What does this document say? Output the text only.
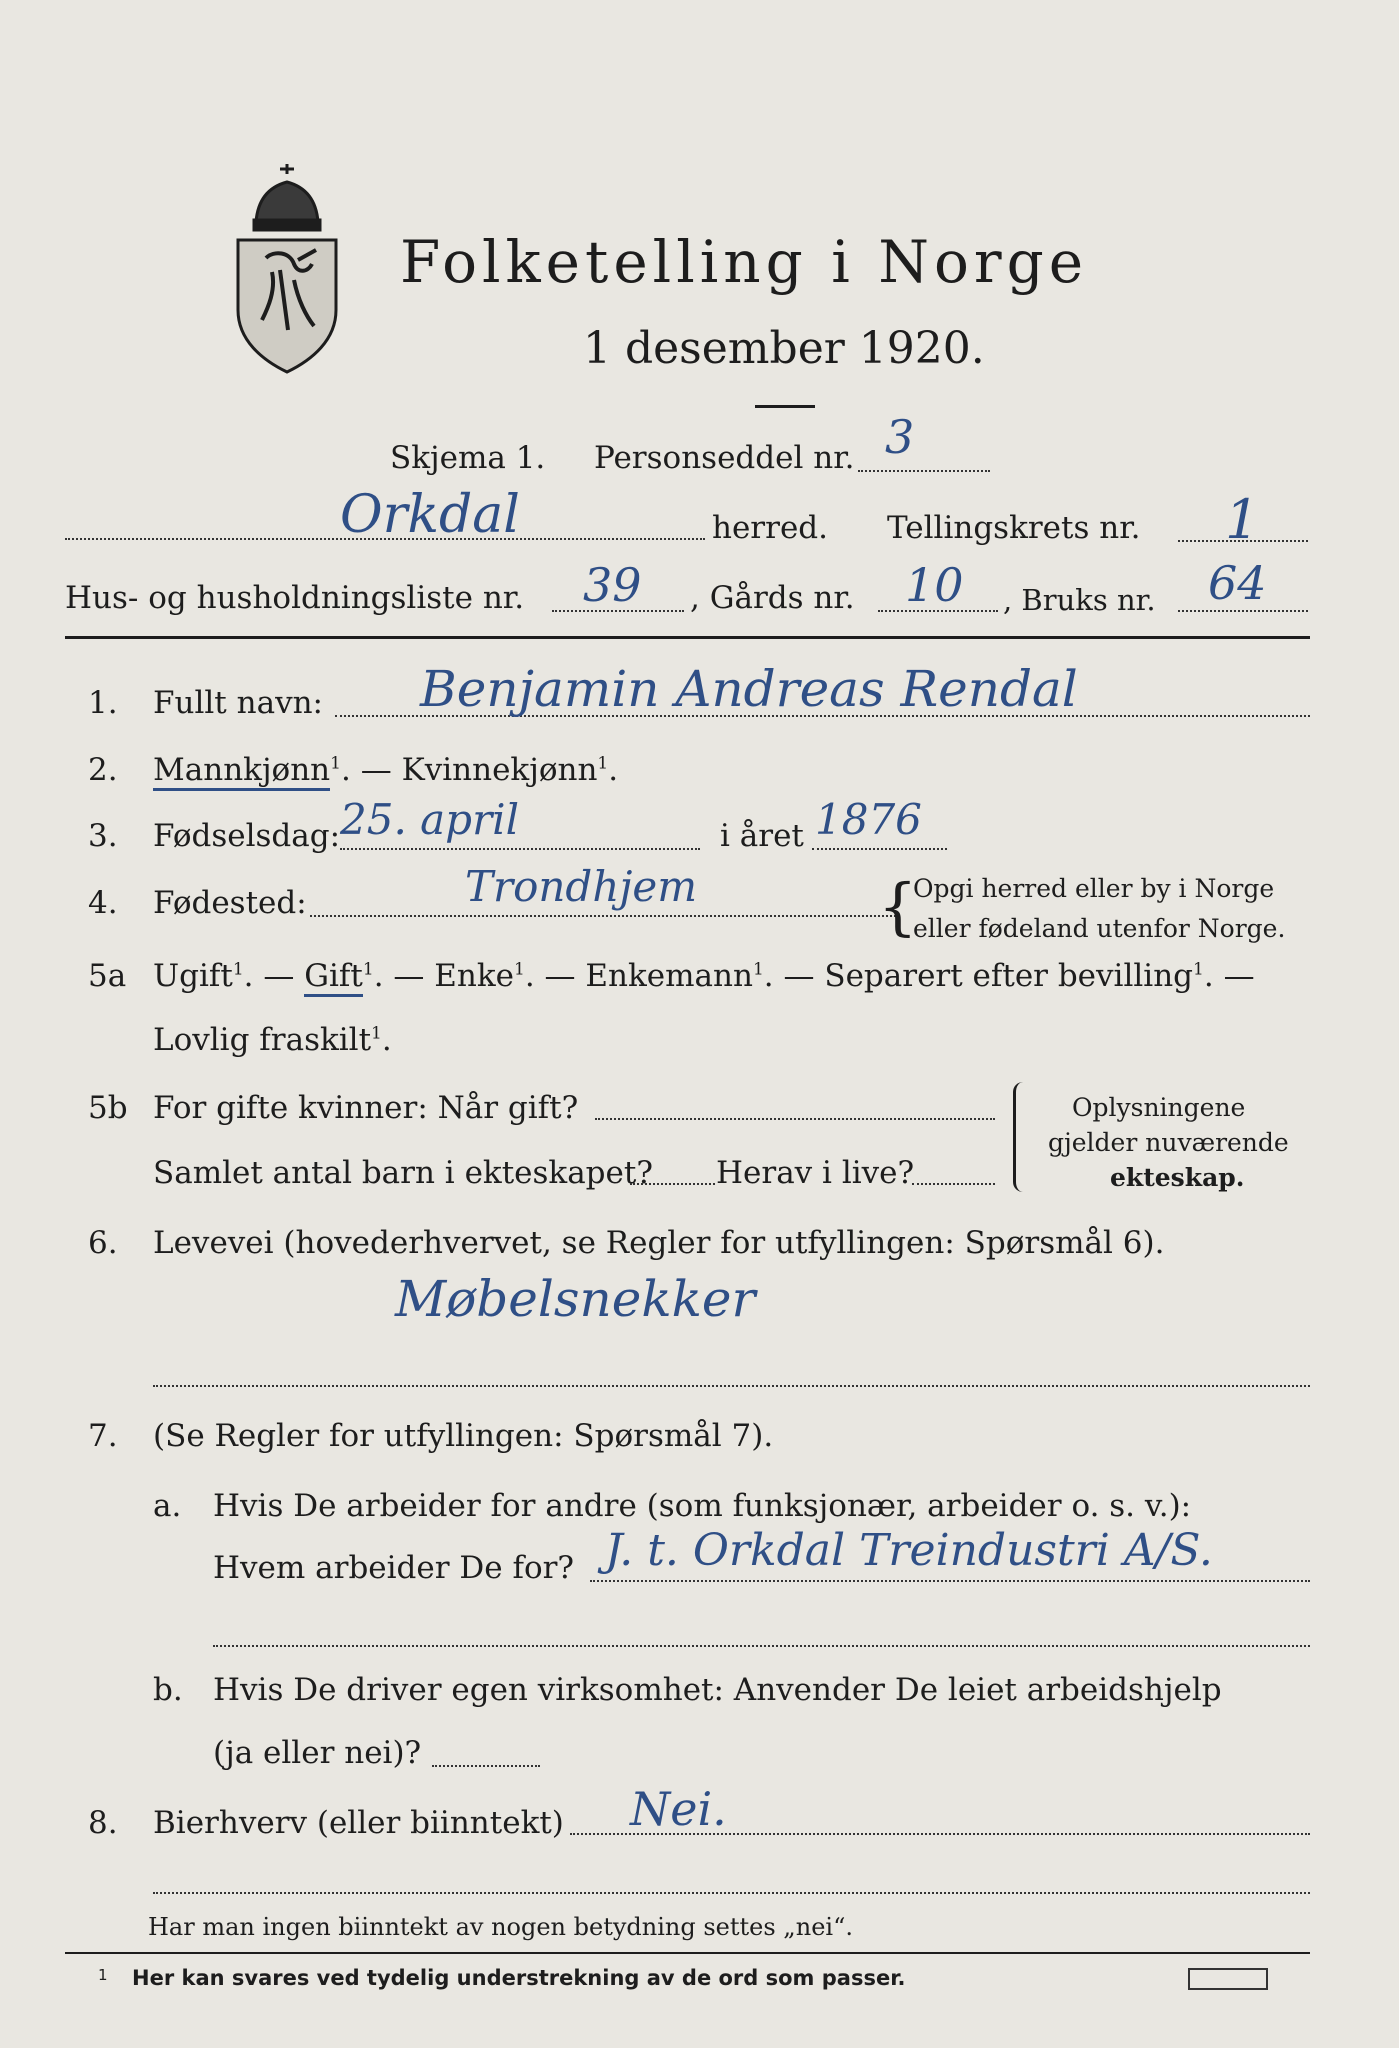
Folketelling i Norge
1 desember 1920.
Skjema 1. Personseddel nr. 3
Orkdal	herred. Tellingskrets nr. 1
Hus- og husholdningsliste nr. 39 , Gårds nr. 10 , Bruks nr. 64
1. Fullt navn: Benjamin Andreas Rendal
2. Mannkjønn$^1$. — Kvinnekjønn$^1$.
3. Fødselsdag: 25. april	i året 1876
4. Fødested:	Trondhjem	{
Opgi herred eller by i Norge
eller fødeland utenfor Norge.
5a Ugift$^1$. — Gift$^1$. — Enke$^1$. — Enkemann$^1$. — Separert efter bevilling$^1$. —
Lovlig fraskilt$^1$.
5b For gifte kvinner: Når gift?
Samlet antal barn i ekteskapet? Herav i live?
Oplysningene
gjelder nuværende
ekteskap.
6. Levevei (hovederhvervet, se Regler for utfyllingen: Spørsmål 6).
Møbelsnekker
7. (Se Regler for utfyllingen: Spørsmål 7).
a. Hvis De arbeider for andre (som funksjonær, arbeider o. s. v.):
Hvem arbeider De for? J. t. Orkdal Treindustri A/S.
b. Hvis De driver egen virksomhet: Anvender De leiet arbeidshjelp
(ja eller nei)?
8. Bierhverv (eller biinntekt) Nei.
Har man ingen biinntekt av nogen betydning settes „nei“.
1 Her kan svares ved tydelig understrekning av de ord som passer.
